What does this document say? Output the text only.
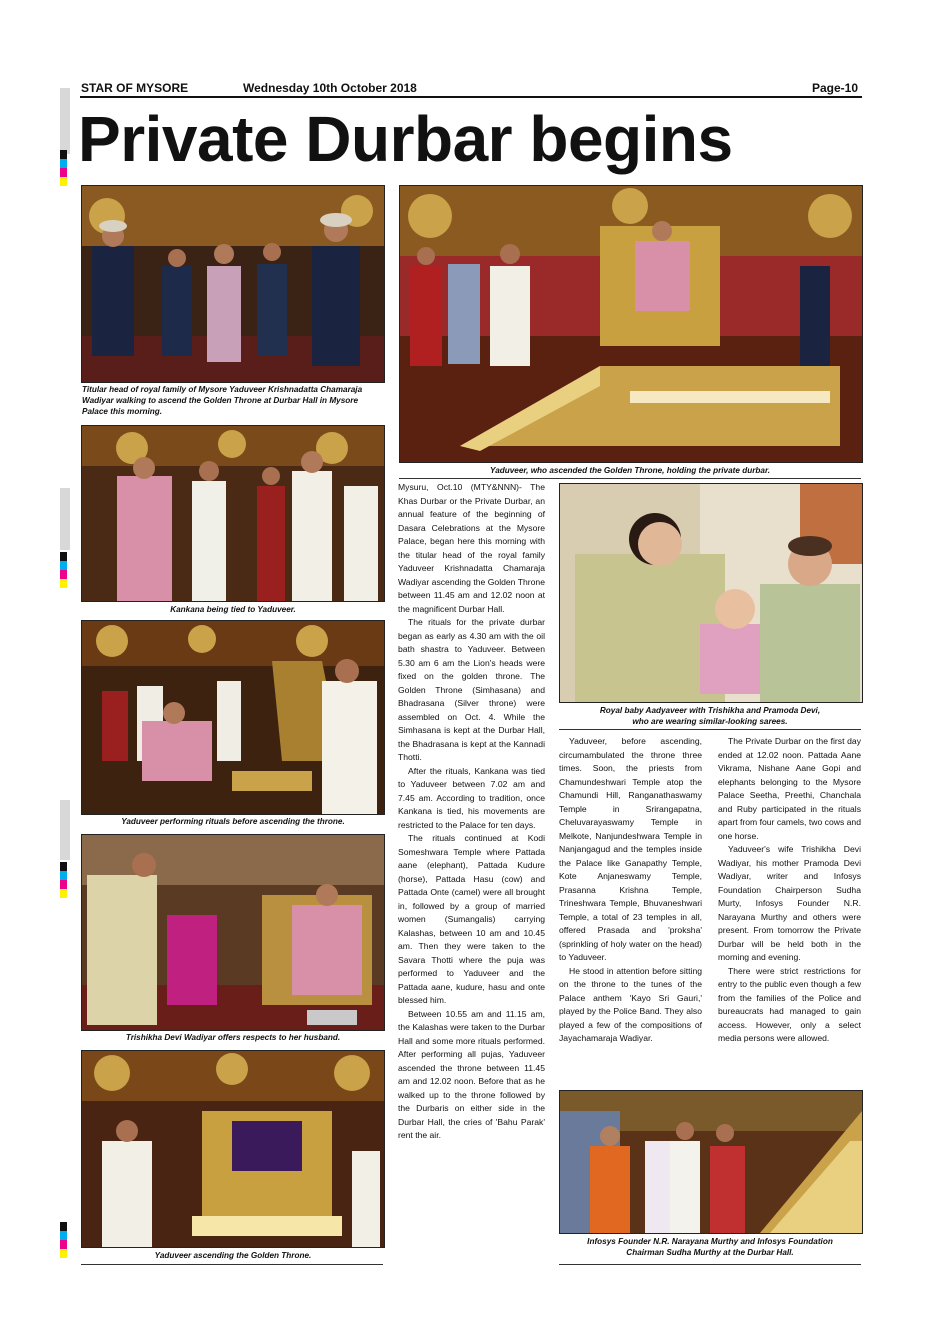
STAR OF MYSORE	Wednesday 10th October 2018	Page-10
Private Durbar begins
Titular head of royal family of Mysore Yaduveer Krishnadatta Chamaraja Wadiyar walking to ascend the Golden Throne at Durbar Hall in Mysore Palace this morning.
Kankana being tied to Yaduveer.
Yaduveer performing rituals before ascending the throne.
Trishikha Devi Wadiyar offers respects to her husband.
Yaduveer ascending the Golden Throne.
Yaduveer, who ascended the Golden Throne, holding the private durbar.
Royal baby Aadyaveer with Trishikha and Pramoda Devi,
who are wearing similar-looking sarees.
Infosys Founder N.R. Narayana Murthy and Infosys Foundation
Chairman Sudha Murthy at the Durbar Hall.

Mysuru, Oct.10 (MTY&NNN)- The Khas Durbar or the Private Durbar, an annual feature of the beginning of Dasara Celebrations at the Mysore Palace, began here this morning with the titular head of the royal family Yaduveer Krishnadatta Chamaraja Wadiyar ascending the Golden Throne between 11.45 am and 12.02 noon at the magnificent Durbar Hall.

The rituals for the private durbar began as early as 4.30 am with the oil bath shastra to Yaduveer. Between 5.30 am 6 am the Lion's heads were fixed on the golden throne. The Golden Throne (Simhasana) and Bhadrasana (Silver throne) were assembled on Oct. 4. While the Simhasana is kept at the Durbar Hall, the Bhadrasana is kept at the Kannadi Thotti.

After the rituals, Kankana was tied to Yaduveer between 7.02 am and 7.45 am. According to tradition, once Kankana is tied, his movements are restricted to the Palace for ten days.

The rituals continued at Kodi Someshwara Temple where Pattada aane (elephant), Pattada Kudure (horse), Pattada Hasu (cow) and Pattada Onte (camel) were all brought in, followed by a group of married women (Sumangalis) carrying Kalashas, between 10 am and 10.45 am. Then they were taken to the Savara Thotti where the puja was performed to Yaduveer and the Pattada aane, kudure, hasu and onte blessed him.

Between 10.55 am and 11.15 am, the Kalashas were taken to the Durbar Hall and some more rituals performed. After performing all pujas, Yaduveer ascended the throne between 11.45 am and 12.02 noon. Before that as he walked up to the throne followed by the Durbaris on either side in the Durbar Hall, the cries of 'Bahu Parak' rent the air.

Yaduveer, before ascending, circumambulated the throne three times. Soon, the priests from Chamundeshwari Temple atop the Chamundi Hill, Ranganathaswamy Temple in Srirangapatna, Cheluvarayaswamy Temple in Melkote, Nanjundeshwara Temple in Nanjangagud and the temples inside the Palace like Ganapathy Temple, Kote Anjaneswamy Temple, Prasanna Krishna Temple, Trineshwara Temple, Bhuvaneshwari Temple, a total of 23 temples in all, offered Prasada and 'proksha' (sprinkling of holy water on the head) to Yaduveer.

He stood in attention before sitting on the throne to the tunes of the Palace anthem 'Kayo Sri Gauri,' played by the Police Band. They also played a few of the compositions of Jayachamaraja Wadiyar.

The Private Durbar on the first day ended at 12.02 noon. Pattada Aane Vikrama, Nishane Aane Gopi and elephants belonging to the Mysore Palace Seetha, Preethi, Chanchala and Ruby participated in the rituals apart from four camels, two cows and one horse.

Yaduveer's wife Trishikha Devi Wadiyar, his mother Pramoda Devi Wadiyar, writer and Infosys Foundation Chairperson Sudha Murty, Infosys Founder N.R. Narayana Murthy and others were present. From tomorrow the Private Durbar will be held both in the morning and evening.

There were strict restrictions for entry to the public even though a few from the families of the Police and bureaucrats had managed to gain access. However, only a select media persons were allowed.
